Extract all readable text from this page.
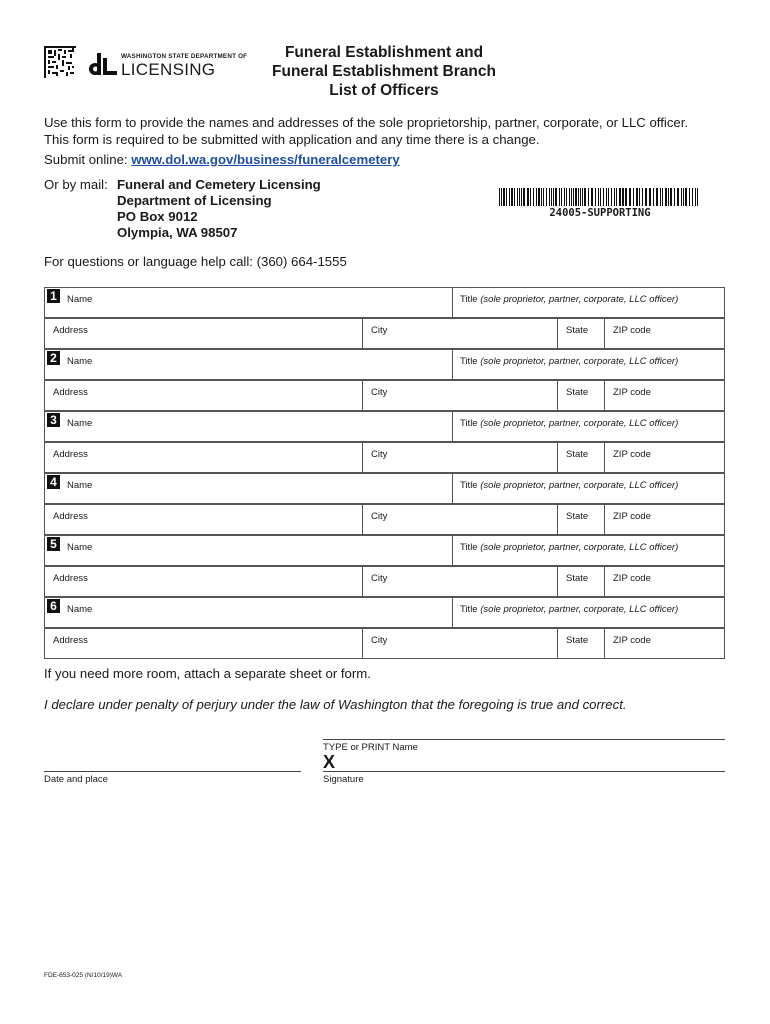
WASHINGTON STATE DEPARTMENT OF
LICENSING
Funeral Establishment and
Funeral Establishment Branch
List of Officers
Use this form to provide the names and addresses of the sole proprietorship, partner, corporate, or LLC officer.
This form is required to be submitted with application and any time there is a change.
Submit online: www.dol.wa.gov/business/funeralcemetery
Or by mail: Funeral and Cemetery Licensing
Department of Licensing
PO Box 9012
Olympia, WA 98507
24005-SUPPORTING
For questions or language help call: (360) 664-1555
1	Name	Title (sole proprietor, partner, corporate, LLC officer)
Address	City	State	ZIP code
2	Name	Title (sole proprietor, partner, corporate, LLC officer)
Address	City	State	ZIP code
3	Name	Title (sole proprietor, partner, corporate, LLC officer)
Address	City	State	ZIP code
4	Name	Title (sole proprietor, partner, corporate, LLC officer)
Address	City	State	ZIP code
5	Name	Title (sole proprietor, partner, corporate, LLC officer)
Address	City	State	ZIP code
6	Name	Title (sole proprietor, partner, corporate, LLC officer)
Address	City	State	ZIP code
If you need more room, attach a separate sheet or form.
I declare under penalty of perjury under the law of Washington that the foregoing is true and correct.
TYPE or PRINT Name
X
Signature
Date and place
FDE-653-025 (N/10/19)WA
